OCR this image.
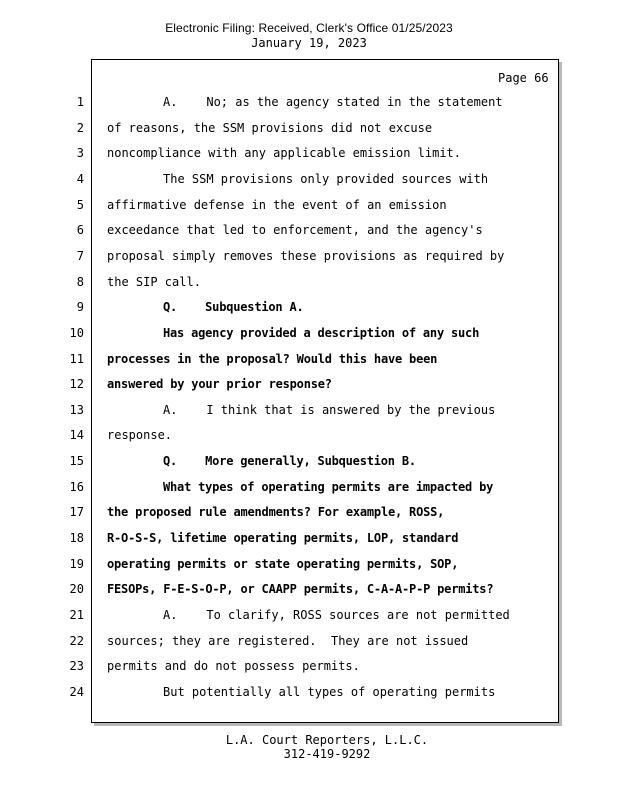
Electronic Filing: Received, Clerk's Office 01/25/2023
January 19, 2023
Page 66
1	A.    No; as the agency stated in the statement
2 of reasons, the SSM provisions did not excuse
3 noncompliance with any applicable emission limit.
4	The SSM provisions only provided sources with
5 affirmative defense in the event of an emission
6 exceedance that led to enforcement, and the agency's
7 proposal simply removes these provisions as required by
8 the SIP call.
9	Q.    Subquestion A.
10	Has agency provided a description of any such
11 processes in the proposal? Would this have been
12 answered by your prior response?
13	A.    I think that is answered by the previous
14 response.
15	Q.    More generally, Subquestion B.
16	What types of operating permits are impacted by
17 the proposed rule amendments? For example, ROSS,
18 R-O-S-S, lifetime operating permits, LOP, standard
19 operating permits or state operating permits, SOP,
20 FESOPs, F-E-S-O-P, or CAAPP permits, C-A-A-P-P permits?
21	A.    To clarify, ROSS sources are not permitted
22 sources; they are registered.  They are not issued
23 permits and do not possess permits.
24	But potentially all types of operating permits
L.A. Court Reporters, L.L.C.
312-419-9292
